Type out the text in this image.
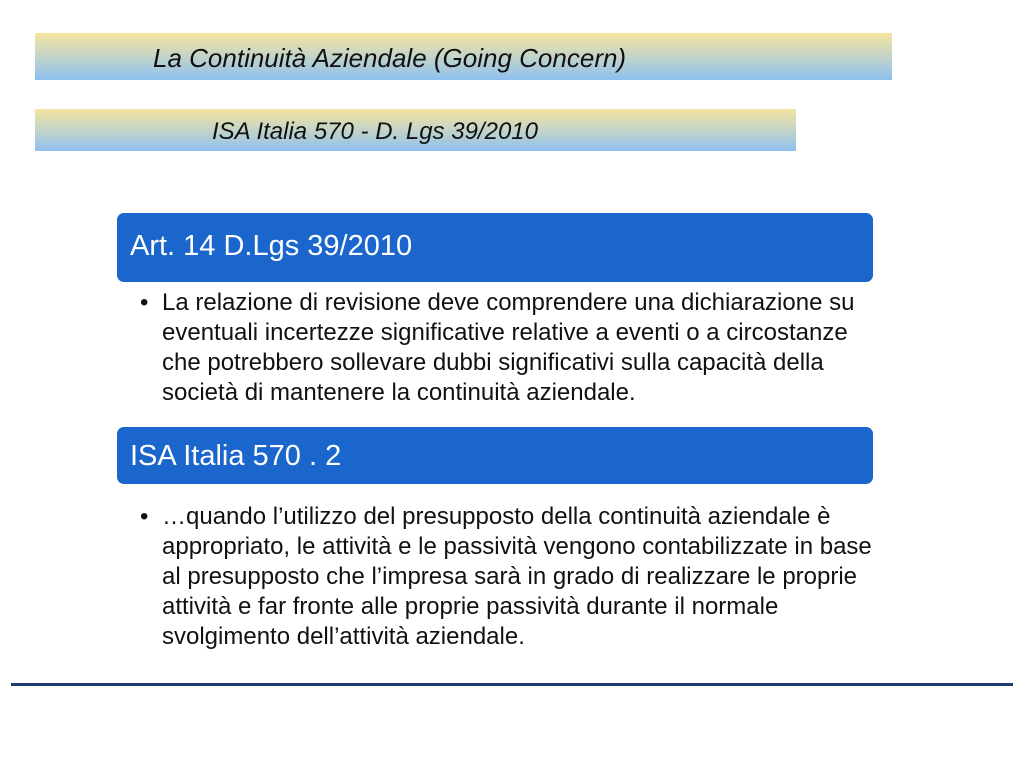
La Continuità Aziendale (Going Concern)
ISA Italia 570 - D. Lgs 39/2010
Art. 14 D.Lgs 39/2010
• La relazione di revisione deve comprendere una dichiarazione su eventuali incertezze significative relative a eventi o a circostanze che potrebbero sollevare dubbi significativi sulla capacità della società di mantenere la continuità aziendale.
ISA Italia 570 . 2
• …quando l’utilizzo del presupposto della continuità aziendale è appropriato, le attività e le passività vengono contabilizzate in base al presupposto che l’impresa sarà in grado di realizzare le proprie attività e far fronte alle proprie passività durante il normale svolgimento dell’attività aziendale.
